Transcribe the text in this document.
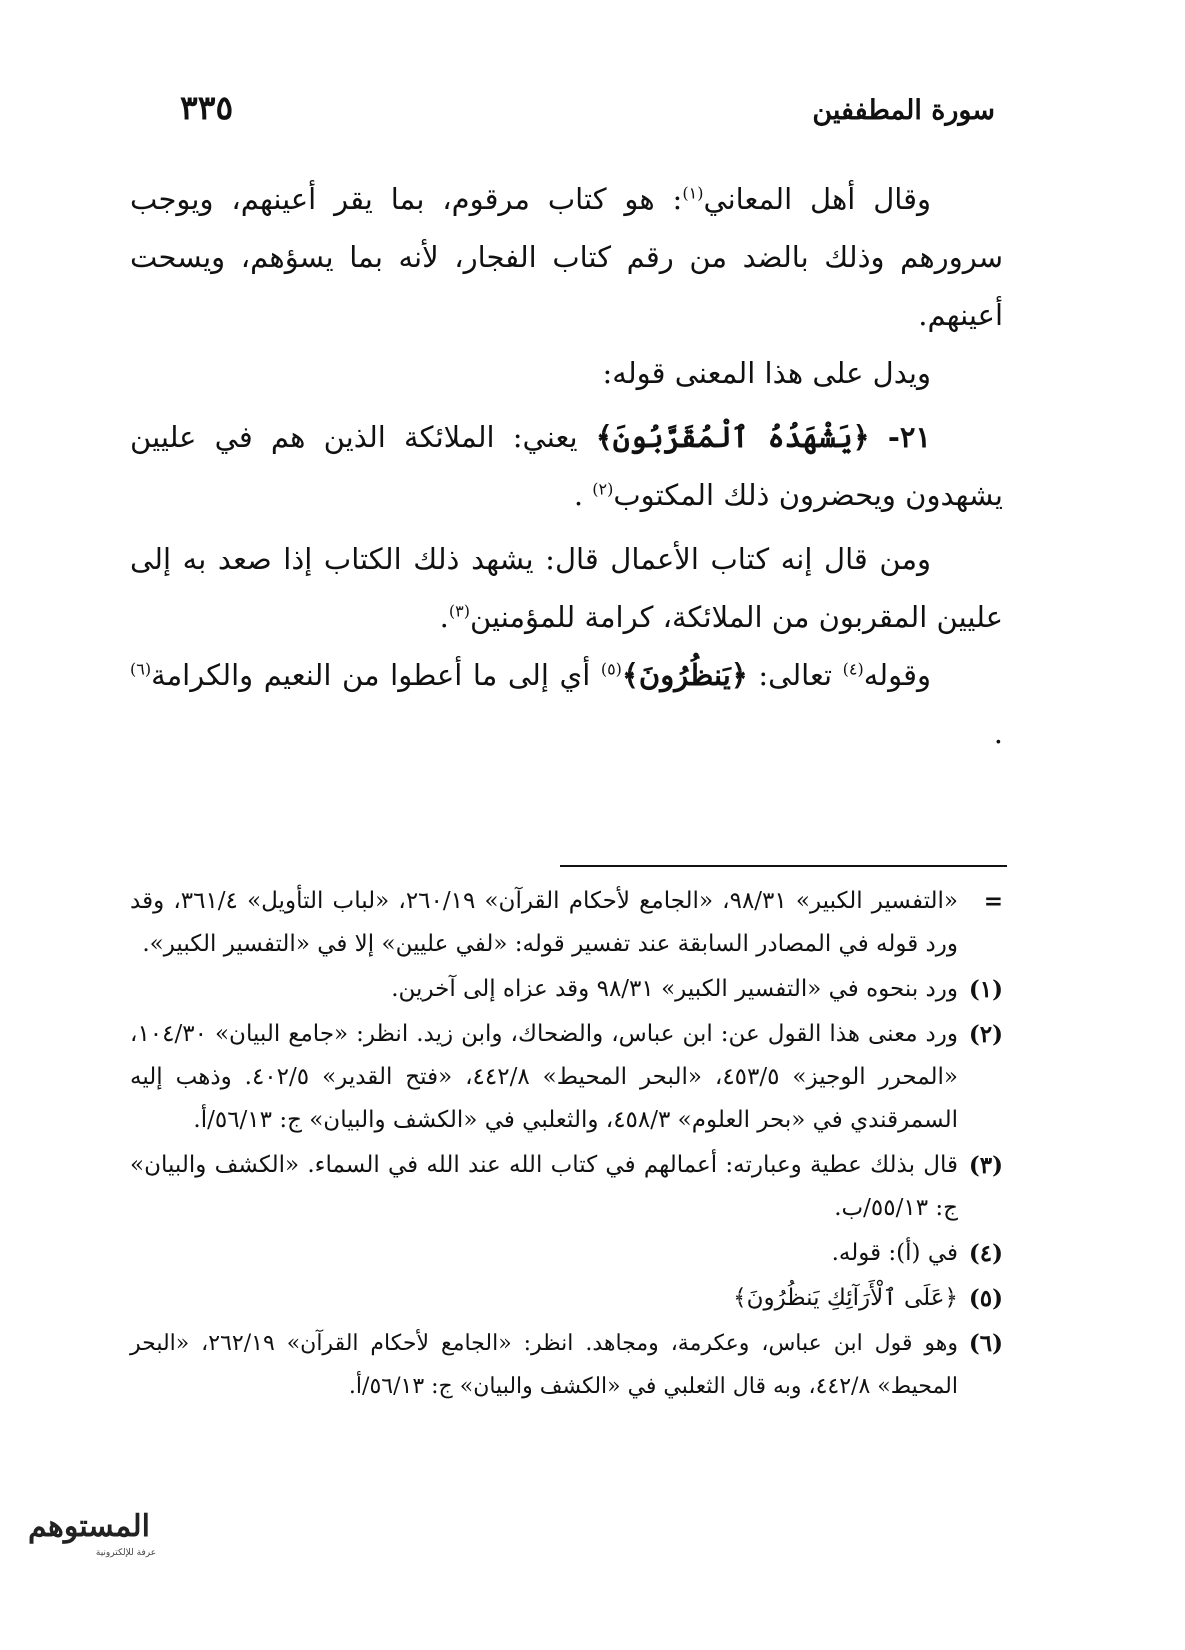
سورة المطففين
٣٣٥

وقال أهل المعاني$^{(١)}$: هو كتاب مرقوم، بما يقر أعينهم، ويوجب سرورهم وذلك بالضد من رقم كتاب الفجار، لأنه بما يسؤهم، ويسحت أعينهم.

ويدل على هذا المعنى قوله:

٢١- ﴿يَشْهَدُهُ ٱلْمُقَرَّبُونَ﴾ يعني: الملائكة الذين هم في عليين يشهدون ويحضرون ذلك المكتوب$^{(٢)}$ .

ومن قال إنه كتاب الأعمال قال: يشهد ذلك الكتاب إذا صعد به إلى عليين المقربون من الملائكة، كرامة للمؤمنين$^{(٣)}$.

وقوله$^{(٤)}$ تعالى: ﴿يَنظُرُونَ﴾$^{(٥)}$ أي إلى ما أعطوا من النعيم والكرامة$^{(٦)}$ .

=
«التفسير الكبير» ٩٨/٣١، «الجامع لأحكام القرآن» ٢٦٠/١٩، «لباب التأويل» ٣٦١/٤، وقد ورد قوله في المصادر السابقة عند تفسير قوله: «لفي عليين» إلا في «التفسير الكبير».
(١)
ورد بنحوه في «التفسير الكبير» ٩٨/٣١ وقد عزاه إلى آخرين.
(٢)
ورد معنى هذا القول عن: ابن عباس، والضحاك، وابن زيد. انظر: «جامع البيان» ١٠٤/٣٠، «المحرر الوجيز» ٤٥٣/٥، «البحر المحيط» ٤٤٢/٨، «فتح القدير» ٤٠٢/٥. وذهب إليه السمرقندي في «بحر العلوم» ٤٥٨/٣، والثعلبي في «الكشف والبيان» ج: ٥٦/١٣/أ.
(٣)
قال بذلك عطية وعبارته: أعمالهم في كتاب الله عند الله في السماء. «الكشف والبيان» ج: ٥٥/١٣/ب.
(٤)
في (أ): قوله.
(٥)
﴿عَلَى ٱلْأَرَآئِكِ يَنظُرُونَ﴾
(٦)
وهو قول ابن عباس، وعكرمة، ومجاهد. انظر: «الجامع لأحكام القرآن» ٢٦٢/١٩، «البحر المحيط» ٤٤٢/٨، وبه قال الثعلبي في «الكشف والبيان» ج: ٥٦/١٣/أ.
المستوهم
عرفة للإلكترونية
